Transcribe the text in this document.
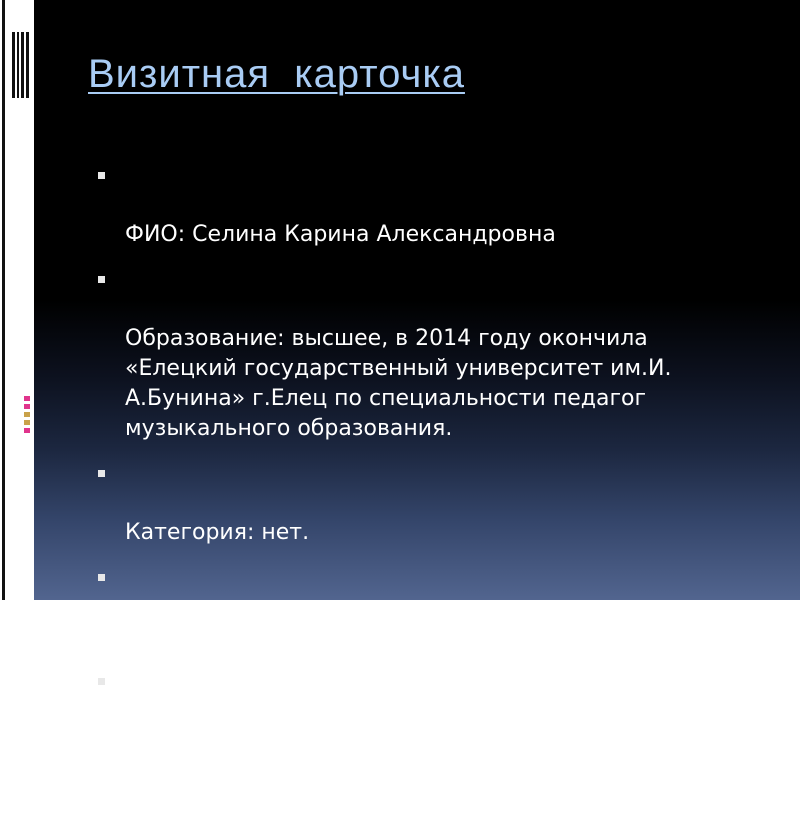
Визитная  карточка

ФИО: Селина Карина Александровна

Образование: высшее, в 2014 году окончила
«Елецкий государственный университет им.И.
А.Бунина» г.Елец по специальности педагог
музыкального образования.

Категория: нет.

Стаж педагогической деятельности: 3 года.

Основное место работы: МБОУ СОШ с.
Афанасьево, Измалковский район, педагог
дополнительного образования.
